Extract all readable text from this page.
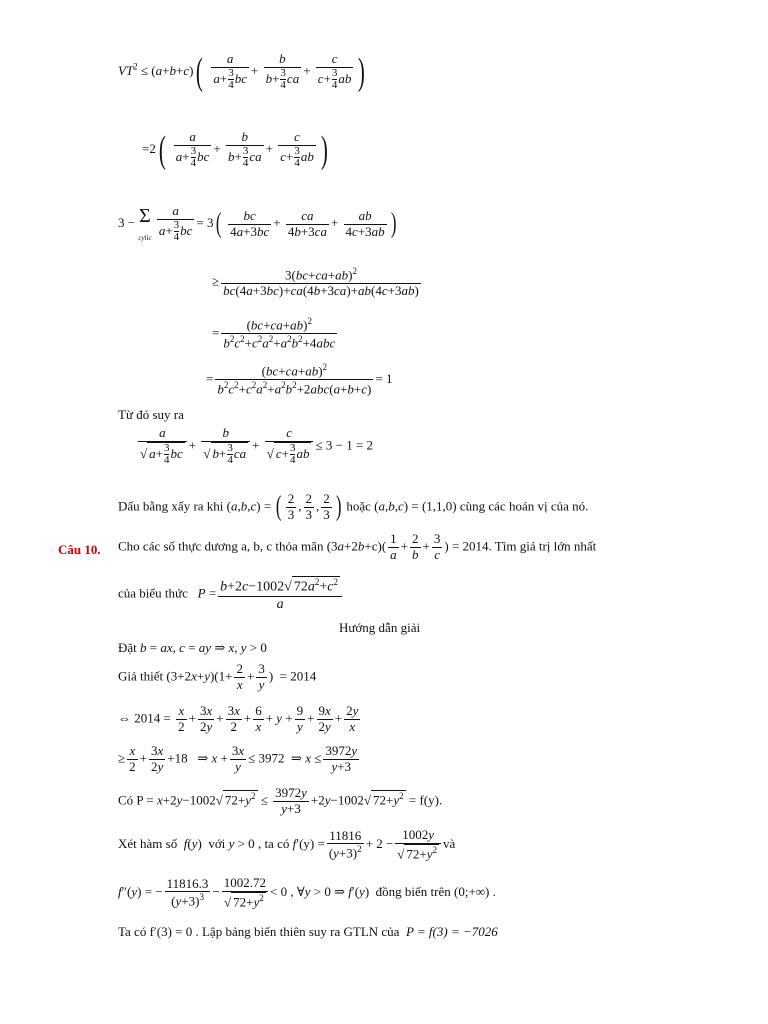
$VT^2 \le (a+b+c)( \frac{a}{a+ \frac{3}{4} bc} + \frac{b}{b+ \frac{3}{4} ca} + \frac{c}{c+ \frac{3}{4} ab}$ )
$=2( \frac{a}{a+ \frac{3}{4} bc} + \frac{b}{b+ \frac{3}{4} ca} + \frac{c}{c+ \frac{3}{4} ab}$ )
3 − Σ
cylic $\frac{a}{a+ \frac{3}{4} bc} = 3( \frac{bc}{4a+3bc} + \frac{ca}{4b+3ca} + \frac{ab}{4c+3ab}$ )
≥ $\frac{3(bc+ca+ab)^2}{bc(4a+3bc)+ca(4b+3ca)+ab(4c+3ab)}$
= $\frac{(bc+ca+ab)^2}{b^2c^2+c^2a^2+a^2b^2+4abc}$
= $\frac{(bc+ca+ab)^2}{b^2c^2+c^2a^2+a^2b^2+2abc(a+b+c)} = 1$
Từ đó suy ra
$\frac{a}{√ a+ \frac{3}{4} bc} + \frac{b}{√ b+ \frac{3}{4} ca} + \frac{c}{√ c+ \frac{3}{4} ab} \le 3 - 1 = 2$
Dấu bằng xẩy ra khi (a,b,c) = ( $\frac{2}{3}$ , $\frac{2}{3}$ , $\frac{2}{3}$ ) hoặc (a,b,c) = (1,1,0) cùng các hoán vị của nó.
Câu 10. Cho các số thực dương a, b, c thỏa mãn $(3a+2b+c)( \frac{1}{a} + \frac{2}{b} + \frac{3}{c}$ ) = 2014. Tìm giá trị lớn nhất
của biểu thức $P = \frac{b+2c-1002√ 72a^2+c^2}{a}$
Hướng dẫn giải
Đặt b = ax, c = ay ⇒ x, y > 0
Giả thiết $(3+2x+y)(1+ \frac{2}{x} + \frac{3}{y}$ )  = 2014
⇔ $2014 = \frac{x}{2} + \frac{3x}{2y} + \frac{3x}{2} + \frac{6}{x} + y + \frac{9}{y} + \frac{9x}{2y} + \frac{2y}{x}$
≥ $\frac{x}{2} + \frac{3x}{2y} +18$   ⇒ $x + \frac{3x}{y} \le 3972$  ⇒ $x \le \frac{3972y}{y+3}$
Có P = x+2y−1002√ $72+y^2 \le \frac{3972y}{y+3} +2y-1002√$ $72+y^2 = f(y)$.
Xét hàm số f(y)  với y > 0 , ta có $f'(y) = \frac{11816}{(y+3)^2} + 2 - \frac{1002y}{√ 72+y^2}$ và
f″(y) = − $\frac{11816.3}{(y+3)^3} - \frac{1002.72}{√ 72+y^2} < 0$ , ∀y > 0 ⇒ f′(y)  đồng biến trên (0;+∞) .
Ta có f′(3) = 0 . Lập bảng biến thiên suy ra GTLN của P = f(3) = −7026
